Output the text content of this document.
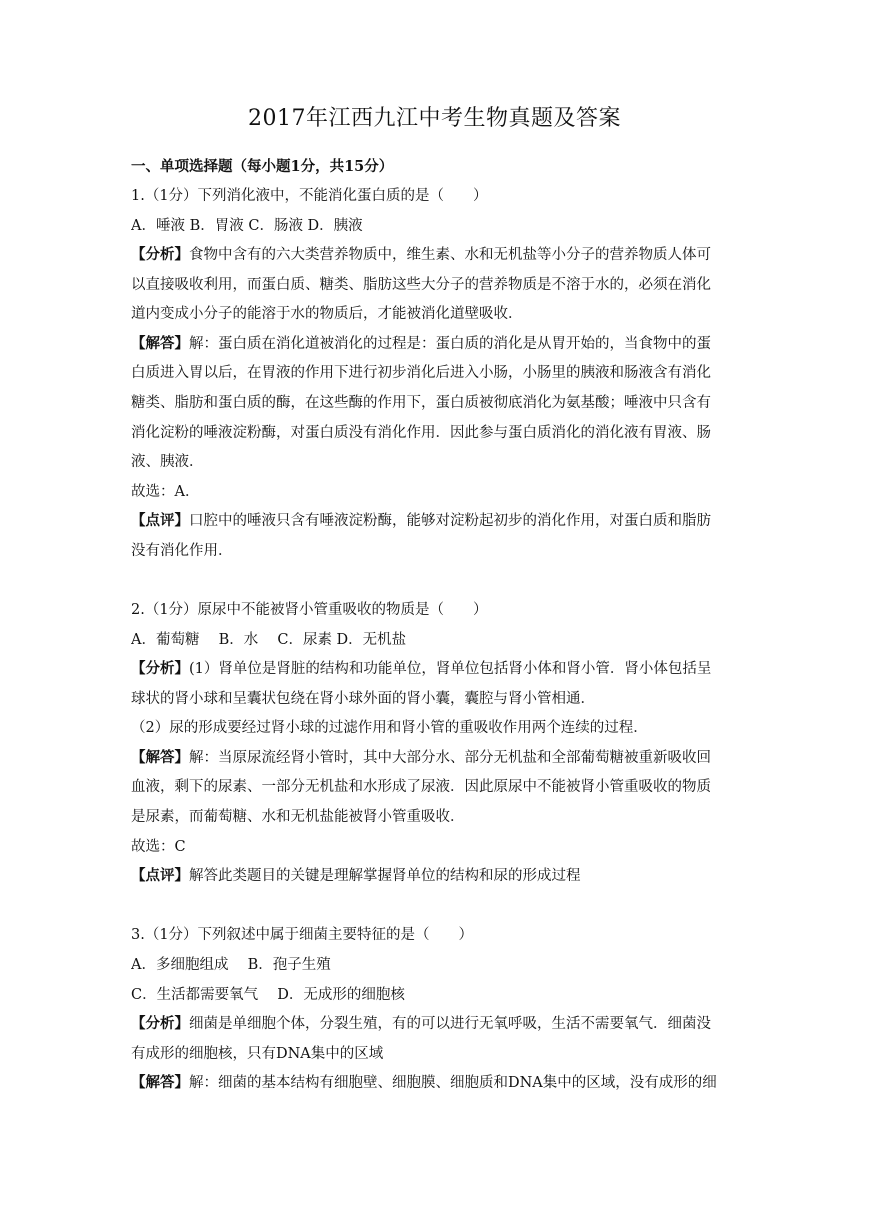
2017年江西九江中考生物真题及答案
一、单项选择题（每小题1分，共15分）
1.（1分）下列消化液中，不能消化蛋白质的是（　　）
A．唾液 B．胃液 C．肠液 D．胰液
【分析】食物中含有的六大类营养物质中，维生素、水和无机盐等小分子的营养物质人体可
以直接吸收利用，而蛋白质、糖类、脂肪这些大分子的营养物质是不溶于水的，必须在消化
道内变成小分子的能溶于水的物质后，才能被消化道壁吸收．
【解答】解：蛋白质在消化道被消化的过程是：蛋白质的消化是从胃开始的，当食物中的蛋
白质进入胃以后，在胃液的作用下进行初步消化后进入小肠，小肠里的胰液和肠液含有消化
糖类、脂肪和蛋白质的酶，在这些酶的作用下，蛋白质被彻底消化为氨基酸；唾液中只含有
消化淀粉的唾液淀粉酶，对蛋白质没有消化作用．因此参与蛋白质消化的消化液有胃液、肠
液、胰液．
故选：A．
【点评】口腔中的唾液只含有唾液淀粉酶，能够对淀粉起初步的消化作用，对蛋白质和脂肪
没有消化作用．
2.（1分）原尿中不能被肾小管重吸收的物质是（　　）
A．葡萄糖　 B．水　 C．尿素 D．无机盐
【分析】(1）肾单位是肾脏的结构和功能单位，肾单位包括肾小体和肾小管．肾小体包括呈
球状的肾小球和呈囊状包绕在肾小球外面的肾小囊，囊腔与肾小管相通．
（2）尿的形成要经过肾小球的过滤作用和肾小管的重吸收作用两个连续的过程．
【解答】解：当原尿流经肾小管时，其中大部分水、部分无机盐和全部葡萄糖被重新吸收回
血液，剩下的尿素、一部分无机盐和水形成了尿液．因此原尿中不能被肾小管重吸收的物质
是尿素，而葡萄糖、水和无机盐能被肾小管重吸收．
故选：C
【点评】解答此类题目的关键是理解掌握肾单位的结构和尿的形成过程
3.（1分）下列叙述中属于细菌主要特征的是（　　）
A．多细胞组成　 B．孢子生殖
C．生活都需要氧气　 D．无成形的细胞核
【分析】细菌是单细胞个体，分裂生殖，有的可以进行无氧呼吸，生活不需要氧气．细菌没
有成形的细胞核，只有DNA集中的区域
【解答】解：细菌的基本结构有细胞壁、细胞膜、细胞质和DNA集中的区域，没有成形的细
